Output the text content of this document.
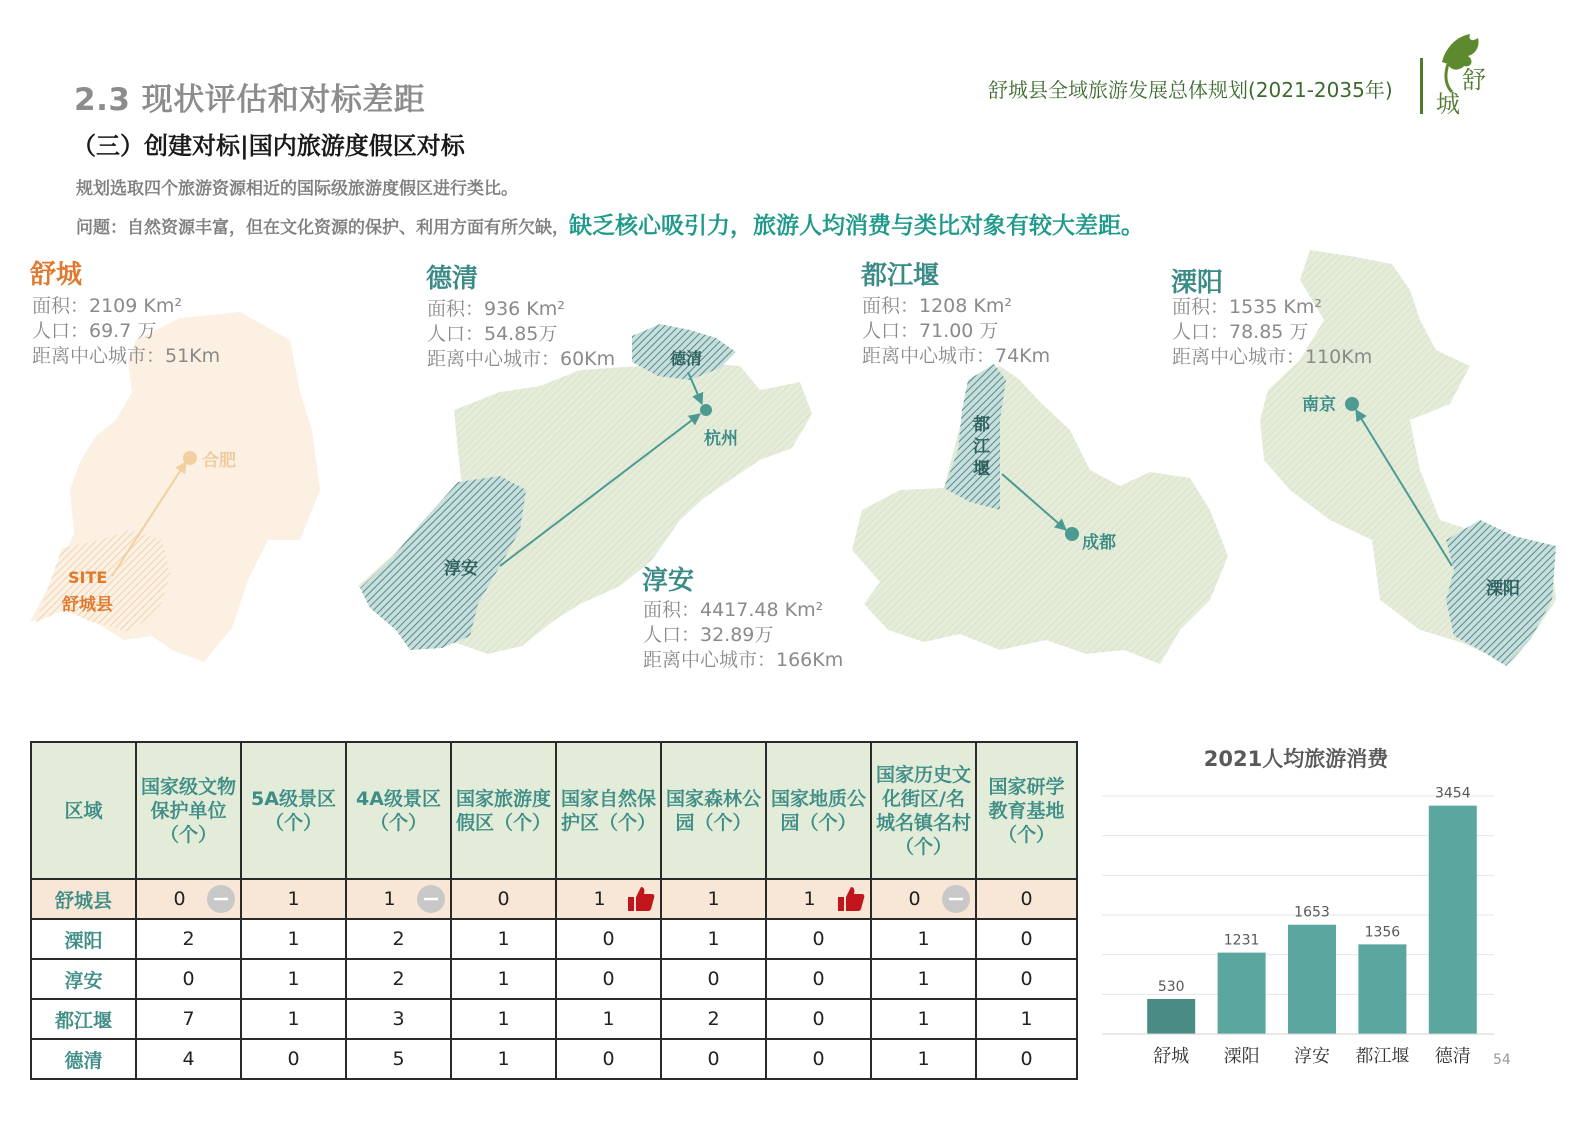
2.3 现状评估和对标差距	舒城县全域旅游发展总体规划(2021-2035年)	舒
城
（三）创建对标|国内旅游度假区对标
规划选取四个旅游资源相近的国际级旅游度假区进行类比。
问题：自然资源丰富，但在文化资源的保护、利用方面有所欠缺，缺乏核心吸引力，旅游人均消费与类比对象有较大差距。
舒城
面积：2109 Km²
人口：69.7 万
距离中心城市：51Km
合肥
SITE
舒城县
德清
面积：936 Km²
人口：54.85万
距离中心城市：60Km	德清
杭州
淳安	淳安
面积：4417.48 Km²
人口：32.89万
距离中心城市：166Km
都江堰
面积：1208 Km²
人口：71.00 万
距离中心城市：74Km
都
江
堰
成都
溧阳
面积：1535 Km²
人口：78.85 万
距离中心城市：110Km
南京
溧阳
区域	国家级文物保护单位（个）	5A级景区（个）	4A级景区（个）	国家旅游度假区（个）	国家自然保护区（个）	国家森林公园（个）	国家地质公园（个）	国家历史文化街区/名城名镇名村（个）	国家研学教育基地（个）
舒城县	0	1	1	0	1	1	1	0	0
溧阳	2	1	2	1	0	1	0	1	0
淳安	0	1	2	1	0	0	0	1	0
都江堰	7	1	3	1	1	2	0	1	1
德清	4	0	5	1	0	0	0	1	0
2021人均旅游消费
530
舒城
1231
溧阳
1653
淳安
1356
都江堰
3454
德清 54
